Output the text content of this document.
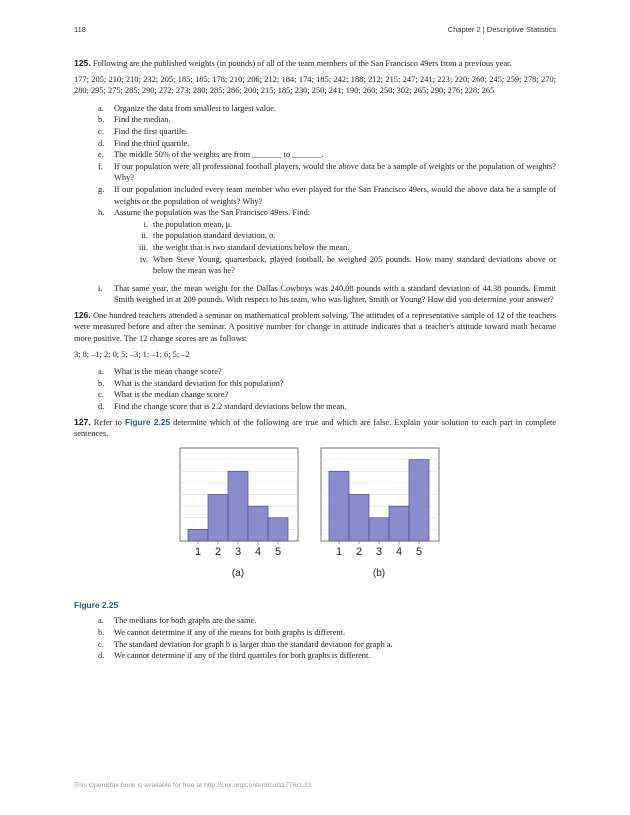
118	Chapter 2 | Descriptive Statistics

125. Following are the published weights (in pounds) of all of the team members of the San Francisco 49ers from a previous year.

177; 205; 210; 210; 232; 205; 185; 185; 178; 210; 206; 212; 184; 174; 185; 242; 188; 212; 215; 247; 241; 223; 220; 260; 245; 259; 278; 270; 280; 295; 275; 285; 290; 272; 273; 280; 285; 286; 200; 215; 185; 230; 250; 241; 190; 260; 250; 302; 265; 290; 276; 228; 265

a.	Organize the data from smallest to largest value.
b.	Find the median.
c.	Find the first quartile.
d.	Find the third quartile.
e.	The middle 50% of the weights are from _______ to _______.
f.	If our population were all professional football players, would the above data be a sample of weights or the population of weights? Why?
g.	If our population included every team member who ever played for the San Francisco 49ers, would the above data be a sample of weights or the population of weights? Why?
h.	Assume the population was the San Francisco 49ers. Find:
i. the population mean, μ.
ii. the population standard deviation, σ.
iii. the weight that is two standard deviations below the mean.
iv. When Steve Young, quarterback, played football, he weighed 205 pounds. How many standard deviations above or below the mean was he?
i.	That same year, the mean weight for the Dallas Cowboys was 240.08 pounds with a standard deviation of 44.38 pounds. Emmit Smith weighed in at 209 pounds. With respect to his team, who was lighter, Smith or Young? How did you determine your answer?

126. One hundred teachers attended a seminar on mathematical problem solving. The attitudes of a representative sample of 12 of the teachers were measured before and after the seminar. A positive number for change in attitude indicates that a teacher's attitude toward math became more positive. The 12 change scores are as follows:

3; 8; –1; 2; 0; 5; –3; 1; –1; 6; 5; –2

a.	What is the mean change score?
b.	What is the standard deviation for this population?
c.	What is the median change score?
d.	Find the change score that is 2.2 standard deviations below the mean.

127. Refer to Figure 2.25 determine which of the following are true and which are false. Explain your solution to each part in complete sentences.

1 2 3 4 5
(a)
1 2 3 4 5
(b)
Figure 2.25
a.	The medians for both graphs are the same.
b.	We cannot determine if any of the means for both graphs is different.
c.	The standard deviation for graph b is larger than the standard deviation for graph a.
d.	We cannot determine if any of the third quartiles for both graphs is different.
This OpenStax book is available for free at http://cnx.org/content/col11776/1.33
